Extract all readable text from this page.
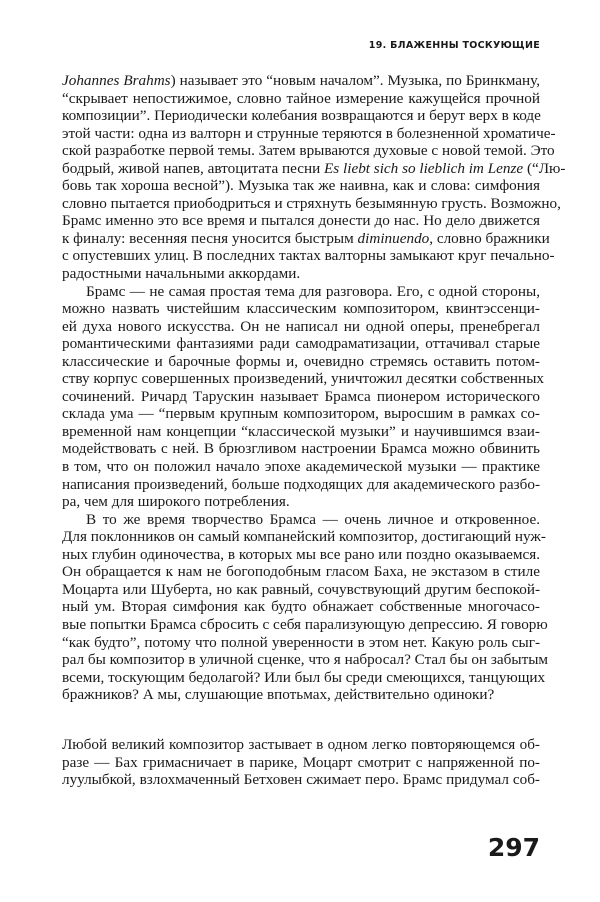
19. БЛАЖЕННЫ ТОСКУЮЩИЕ
Johannes Brahms) называет это “новым началом”. Музыка, по Бринкману,
“скрывает непостижимое, словно тайное измерение кажущейся прочной
композиции”. Периодически колебания возвращаются и берут верх в коде
этой части: одна из валторн и струнные теряются в болезненной хроматиче-
ской разработке первой темы. Затем врываются духовые с новой темой. Это
бодрый, живой напев, автоцитата песни Es liebt sich so lieblich im Lenze (“Лю-
бовь так хороша весной”). Музыка так же наивна, как и слова: симфония
словно пытается приободриться и стряхнуть безымянную грусть. Возможно,
Брамс именно это все время и пытался донести до нас. Но дело движется
к финалу: весенняя песня уносится быстрым diminuendo, словно бражники
с опустевших улиц. В последних тактах валторны замыкают круг печально-
радостными начальными аккордами.
Брамс — не самая простая тема для разговора. Его, с одной стороны,
можно назвать чистейшим классическим композитором, квинтэссенци-
ей духа нового искусства. Он не написал ни одной оперы, пренебрегал
романтическими фантазиями ради самодраматизации, оттачивал старые
классические и барочные формы и, очевидно стремясь оставить потом-
ству корпус совершенных произведений, уничтожил десятки собственных
сочинений. Ричард Тарускин называет Брамса пионером исторического
склада ума — “первым крупным композитором, выросшим в рамках со-
временной нам концепции “классической музыки” и научившимся взаи-
модействовать с ней. В брюзгливом настроении Брамса можно обвинить
в том, что он положил начало эпохе академической музыки — практике
написания произведений, больше подходящих для академического разбо-
ра, чем для широкого потребления.
В то же время творчество Брамса — очень личное и откровенное.
Для поклонников он самый компанейский композитор, достигающий нуж-
ных глубин одиночества, в которых мы все рано или поздно оказываемся.
Он обращается к нам не богоподобным гласом Баха, не экстазом в стиле
Моцарта или Шуберта, но как равный, сочувствующий другим беспокой-
ный ум. Вторая симфония как будто обнажает собственные многочасо-
вые попытки Брамса сбросить с себя парализующую депрессию. Я говорю
“как будто”, потому что полной уверенности в этом нет. Какую роль сыг-
рал бы композитор в уличной сценке, что я набросал? Стал бы он забытым
всеми, тоскующим бедолагой? Или был бы среди смеющихся, танцующих
бражников? А мы, слушающие впотьмах, действительно одиноки?
Любой великий композитор застывает в одном легко повторяющемся об-
разе — Бах гримасничает в парике, Моцарт смотрит с напряженной по-
луулыбкой, взлохмаченный Бетховен сжимает перо. Брамс придумал соб-
297
